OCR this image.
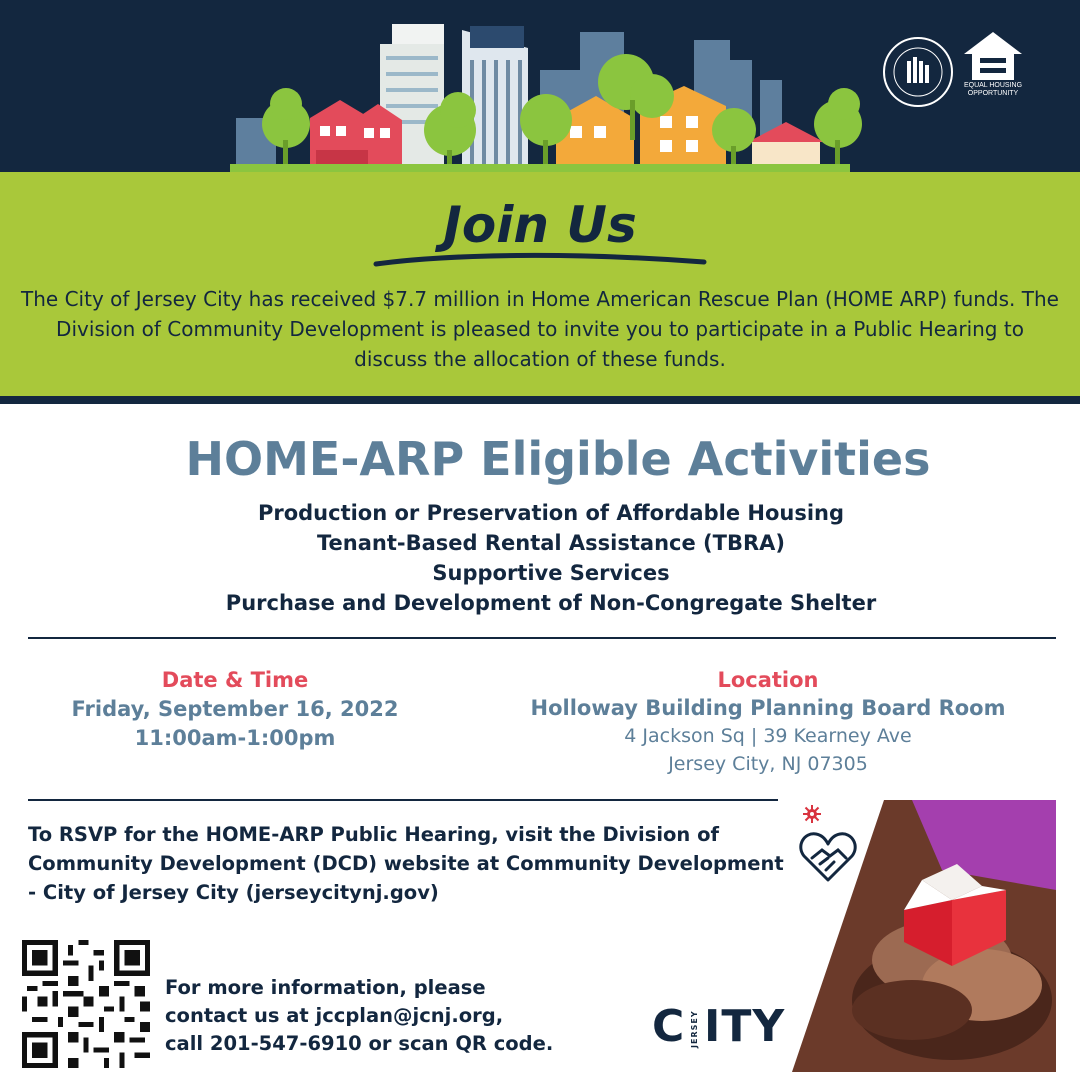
EQUAL HOUSING OPPORTUNITY
Join Us

The City of Jersey City has received $7.7 million in Home American Rescue Plan (HOME ARP) funds. The Division of Community Development is pleased to invite you to participate in a Public Hearing to discuss the allocation of these funds.

HOME-ARP Eligible Activities
Production or Preservation of Affordable Housing
Tenant-Based Rental Assistance (TBRA)
Supportive Services
Purchase and Development of Non-Congregate Shelter
Date & Time
Friday, September 16, 2022
11:00am-1:00pm
Location
Holloway Building Planning Board Room
4 Jackson Sq | 39 Kearney Ave
Jersey City, NJ 07305

To RSVP for the HOME-ARP Public Hearing, visit the Division of Community Development (DCD) website at Community Development - City of Jersey City (jerseycitynj.gov)

For more information, please
contact us at jccplan@jcnj.org,
call 201-547-6910 or scan QR code.	C JERSEY ITY
